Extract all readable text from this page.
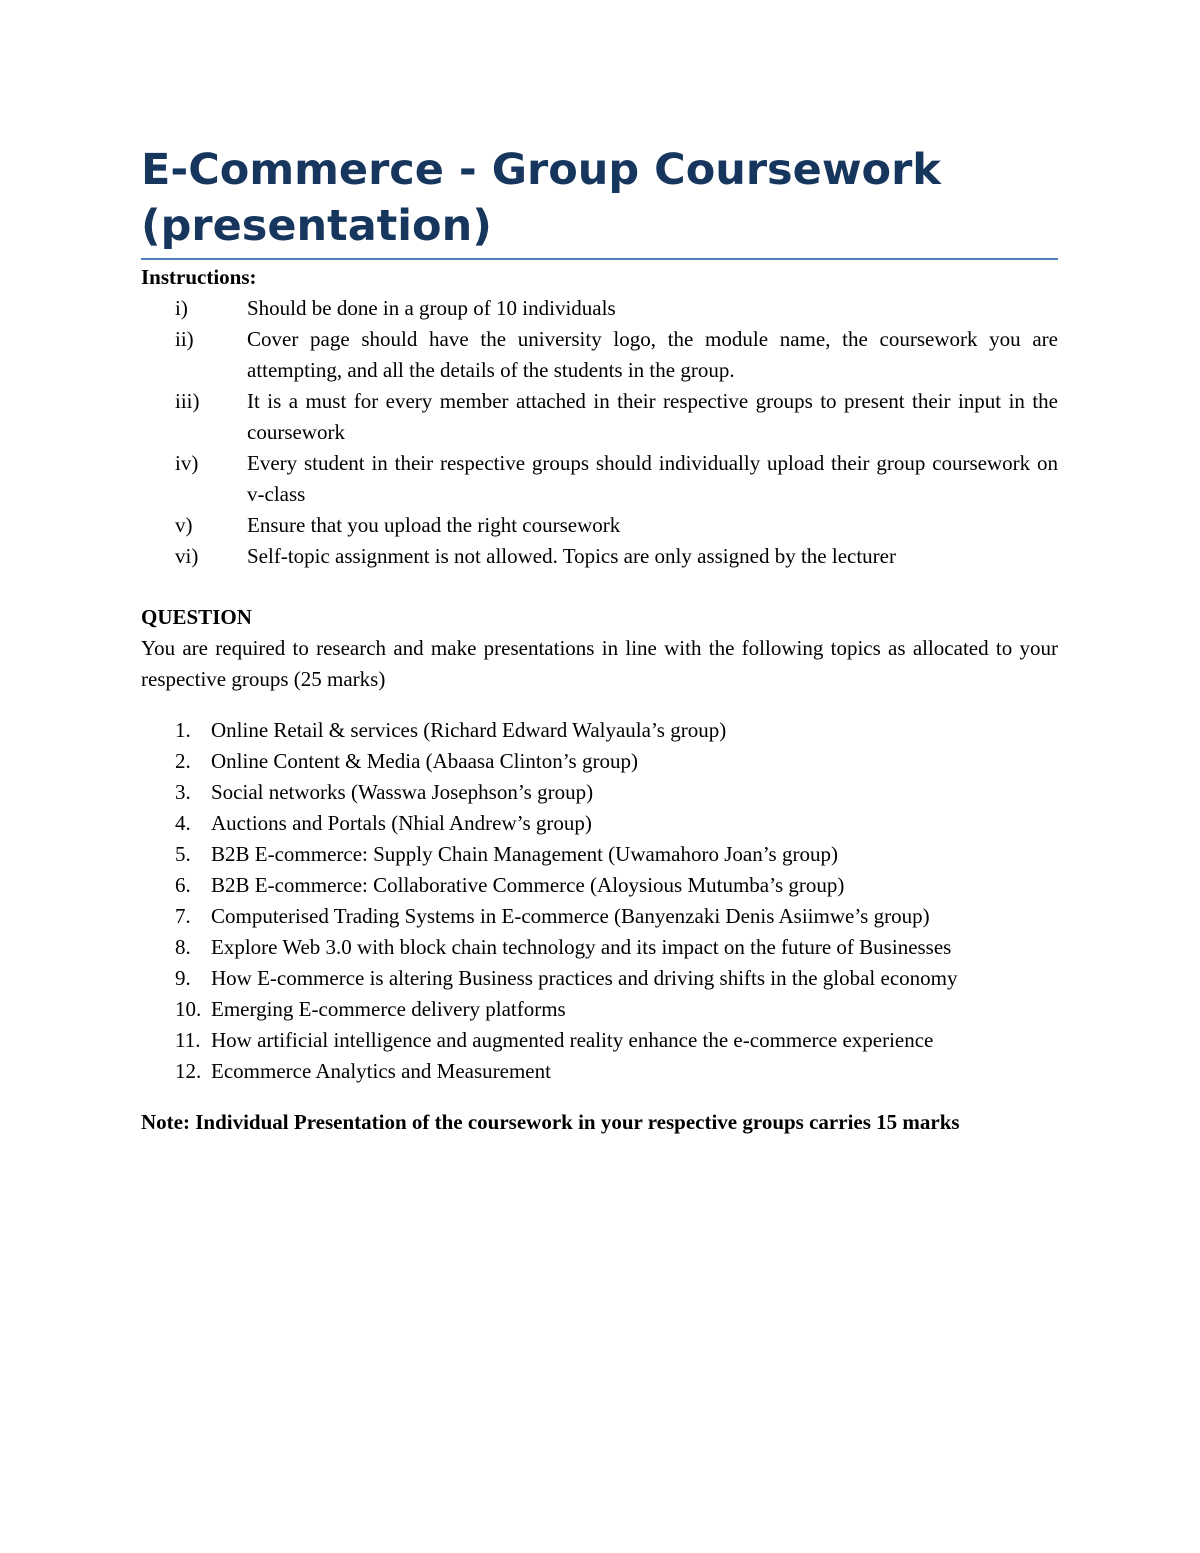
E-Commerce - Group Coursework (presentation)

Instructions:

i)	Should be done in a group of 10 individuals
ii)	Cover page should have the university logo, the module name, the coursework you are attempting, and all the details of the students in the group.
iii) It is a must for every member attached in their respective groups to present their input in the coursework
iv) Every student in their respective groups should individually upload their group coursework on v-class
v)	Ensure that you upload the right coursework
vi) Self-topic assignment is not allowed. Topics are only assigned by the lecturer

QUESTION

You are required to research and make presentations in line with the following topics as allocated to your respective groups (25 marks)

1. Online Retail & services (Richard Edward Walyaula’s group)
2. Online Content & Media (Abaasa Clinton’s group)
3. Social networks (Wasswa Josephson’s group)
4. Auctions and Portals (Nhial Andrew’s group)
5. B2B E-commerce: Supply Chain Management (Uwamahoro Joan’s group)
6. B2B E-commerce: Collaborative Commerce (Aloysious Mutumba’s group)
7. Computerised Trading Systems in E-commerce (Banyenzaki Denis Asiimwe’s group)
8. Explore Web 3.0 with block chain technology and its impact on the future of Businesses
9. How E-commerce is altering Business practices and driving shifts in the global economy
10. Emerging E-commerce delivery platforms
11. How artificial intelligence and augmented reality enhance the e-commerce experience
12. Ecommerce Analytics and Measurement

Note: Individual Presentation of the coursework in your respective groups carries 15 marks
